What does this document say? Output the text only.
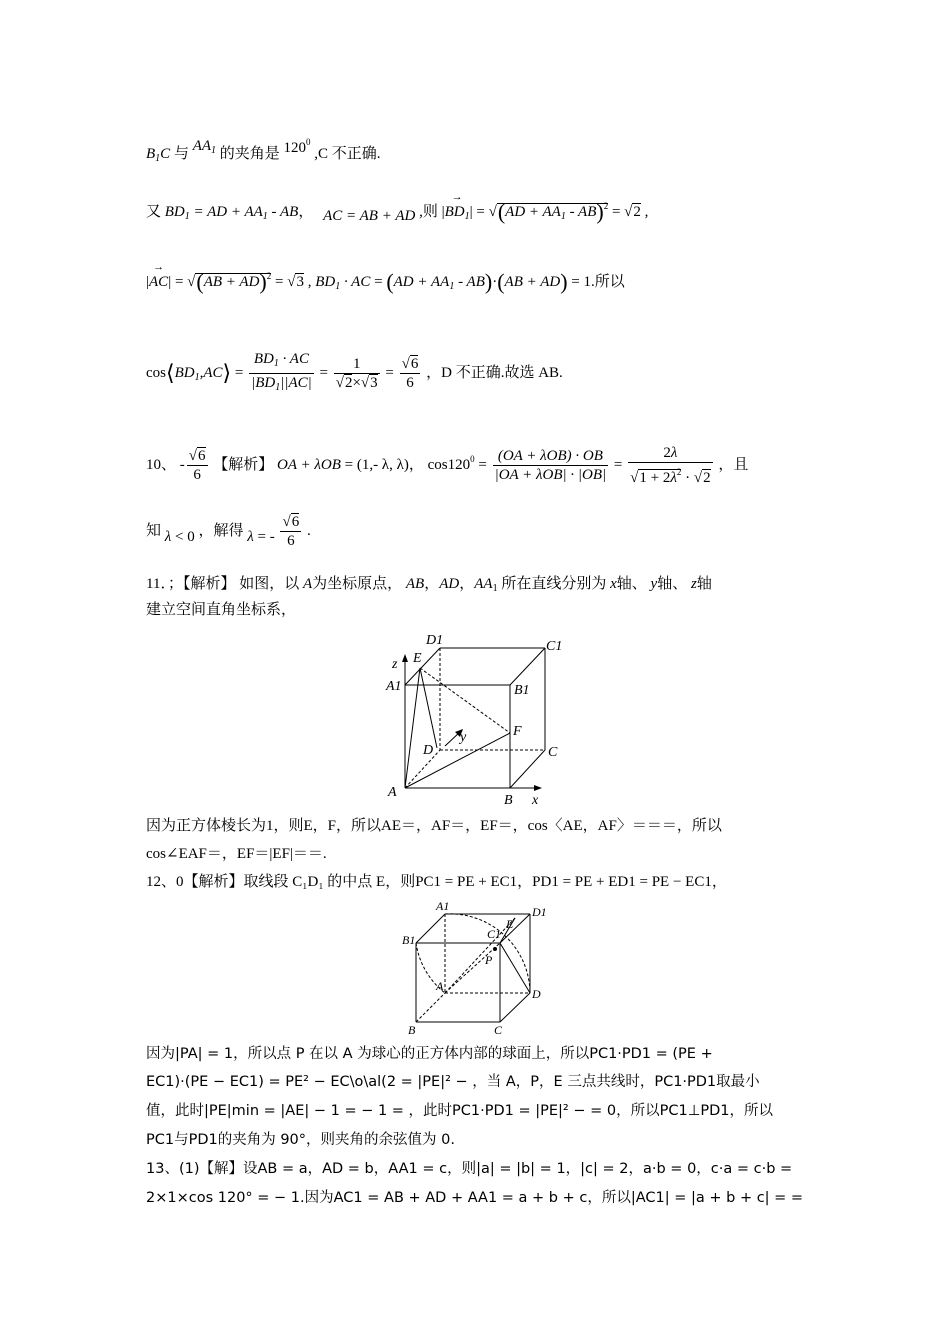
$B_1C$ 与 $AA_1$ 的夹角是 $120^0$ ,C 不正确.
又 $BD_1$ = AD + $AA_1$ - AB， AC = AB + AD ,则
→
$|BD_1| = √(AD + AA_1 - AB)^2 = √2$ ,
→
|AC| = √(AB + AD)$^2$ = √3 , $BD_1$ · AC = $(AD + AA_1 - AB)\cdot(AB + AD) = 1$.所以
$\cos⟨BD_1,AC⟩ = \frac{BD_1 \cdot AC}{|BD_1||AC|} = \frac{1}{√2\times√3} = \frac{√6}{6}$ ，D 不正确.故选 AB.
10、 - $\frac{√6}{6}$ 【解析】 OA + λOB = (1,- λ, λ)， $\cos 120^0$ =
(OA + λOB) · OB
|OA + λOB| · |OB|
= $\frac{2\lambda}{√1 + 2\lambda^2 \cdot √2}$ ，且
知 λ < 0 ，解得 λ = - $\frac{√6}{6}$ .
11．；【解析】 如图，以 A为坐标原点， AB，AD，$AA_1$ 所在直线分别为 x轴、 y轴、 z轴
建立空间直角坐标系，
D1	C1
z E
A1	B1
y	F
D	C
A
B x
因为正方体棱长为1，则E，F，所以AE＝，AF＝，EF＝，cos〈AE，AF〉＝＝＝，所以
cos∠EAF＝，EF＝|EF|＝＝.
12、0【解析】取线段 C₁D₁ 的中点 E，则PC1 = PE + EC1，PD1 = PE + ED1 = PE − EC1，
A1
E
D1
B1	C1
P
A
D
B	C
因为|PA| = 1，所以点 P 在以 A 为球心的正方体内部的球面上，所以PC1·PD1 = (PE +
EC1)·(PE − EC1) = PE² − EC\o\al(2 = |PE|² − ，当 A，P，E 三点共线时，PC1·PD1取最小
值，此时|PE|min = |AE| − 1 = − 1 = ，此时PC1·PD1 = |PE|² − = 0，所以PC1⊥PD1，所以
PC1与PD1的夹角为 90°，则夹角的余弦值为 0.
13、(1)【解】设AB = a，AD = b，AA1 = c，则|a| = |b| = 1，|c| = 2，a·b = 0，c·a = c·b =
2×1×cos 120° = − 1.因为AC1 = AB + AD + AA1 = a + b + c，所以|AC1| = |a + b + c| = =
